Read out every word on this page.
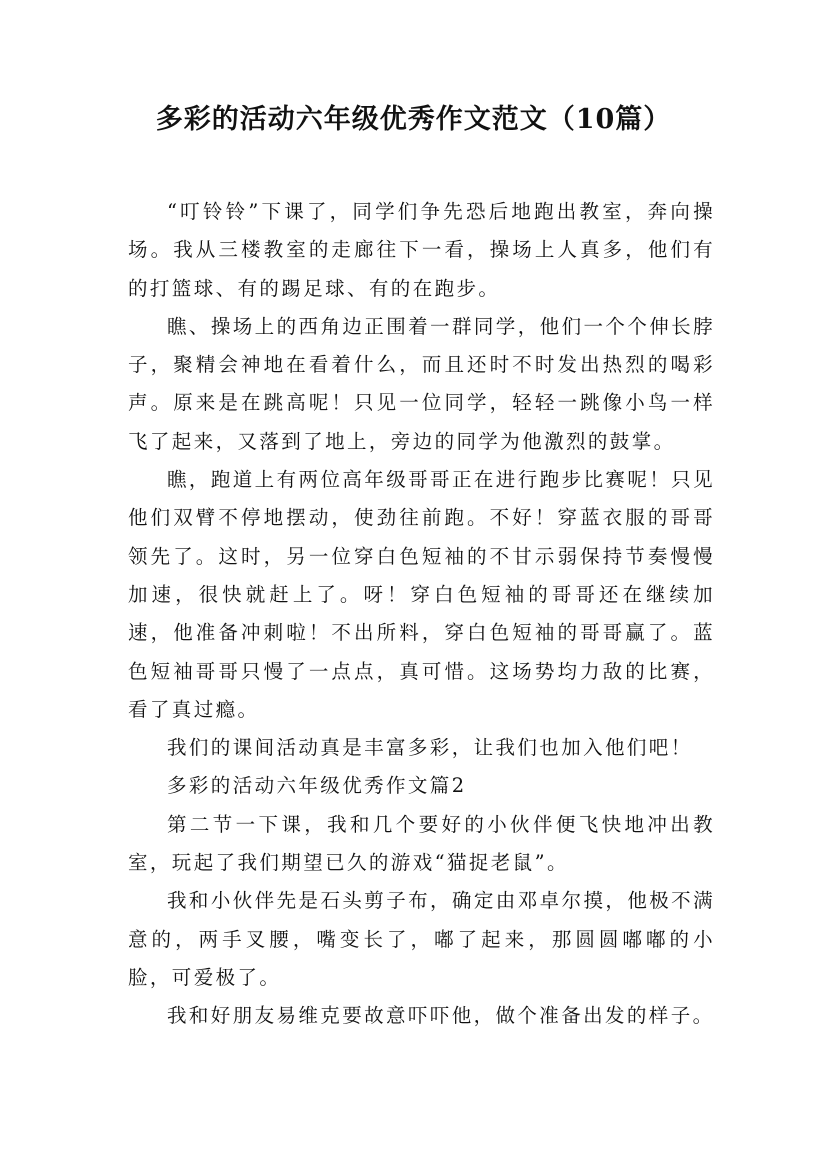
多彩的活动六年级优秀作文范文（10篇）

“叮铃铃”下课了，同学们争先恐后地跑出教室，奔向操场。我从三楼教室的走廊往下一看，操场上人真多，他们有的打篮球、有的踢足球、有的在跑步。

瞧、操场上的西角边正围着一群同学，他们一个个伸长脖子，聚精会神地在看着什么，而且还时不时发出热烈的喝彩声。原来是在跳高呢！只见一位同学，轻轻一跳像小鸟一样飞了起来，又落到了地上，旁边的同学为他激烈的鼓掌。

瞧，跑道上有两位高年级哥哥正在进行跑步比赛呢！只见他们双臂不停地摆动，使劲往前跑。不好！穿蓝衣服的哥哥领先了。这时，另一位穿白色短袖的不甘示弱保持节奏慢慢加速，很快就赶上了。呀！穿白色短袖的哥哥还在继续加速，他准备冲刺啦！不出所料，穿白色短袖的哥哥赢了。蓝色短袖哥哥只慢了一点点，真可惜。这场势均力敌的比赛，看了真过瘾。

我们的课间活动真是丰富多彩，让我们也加入他们吧！

多彩的活动六年级优秀作文篇2

第二节一下课，我和几个要好的小伙伴便飞快地冲出教室，玩起了我们期望已久的游戏“猫捉老鼠”。

我和小伙伴先是石头剪子布，确定由邓卓尔摸，他极不满意的，两手叉腰，嘴变长了，嘟了起来，那圆圆嘟嘟的小脸，可爱极了。

我和好朋友易维克要故意吓吓他，做个准备出发的样子。
